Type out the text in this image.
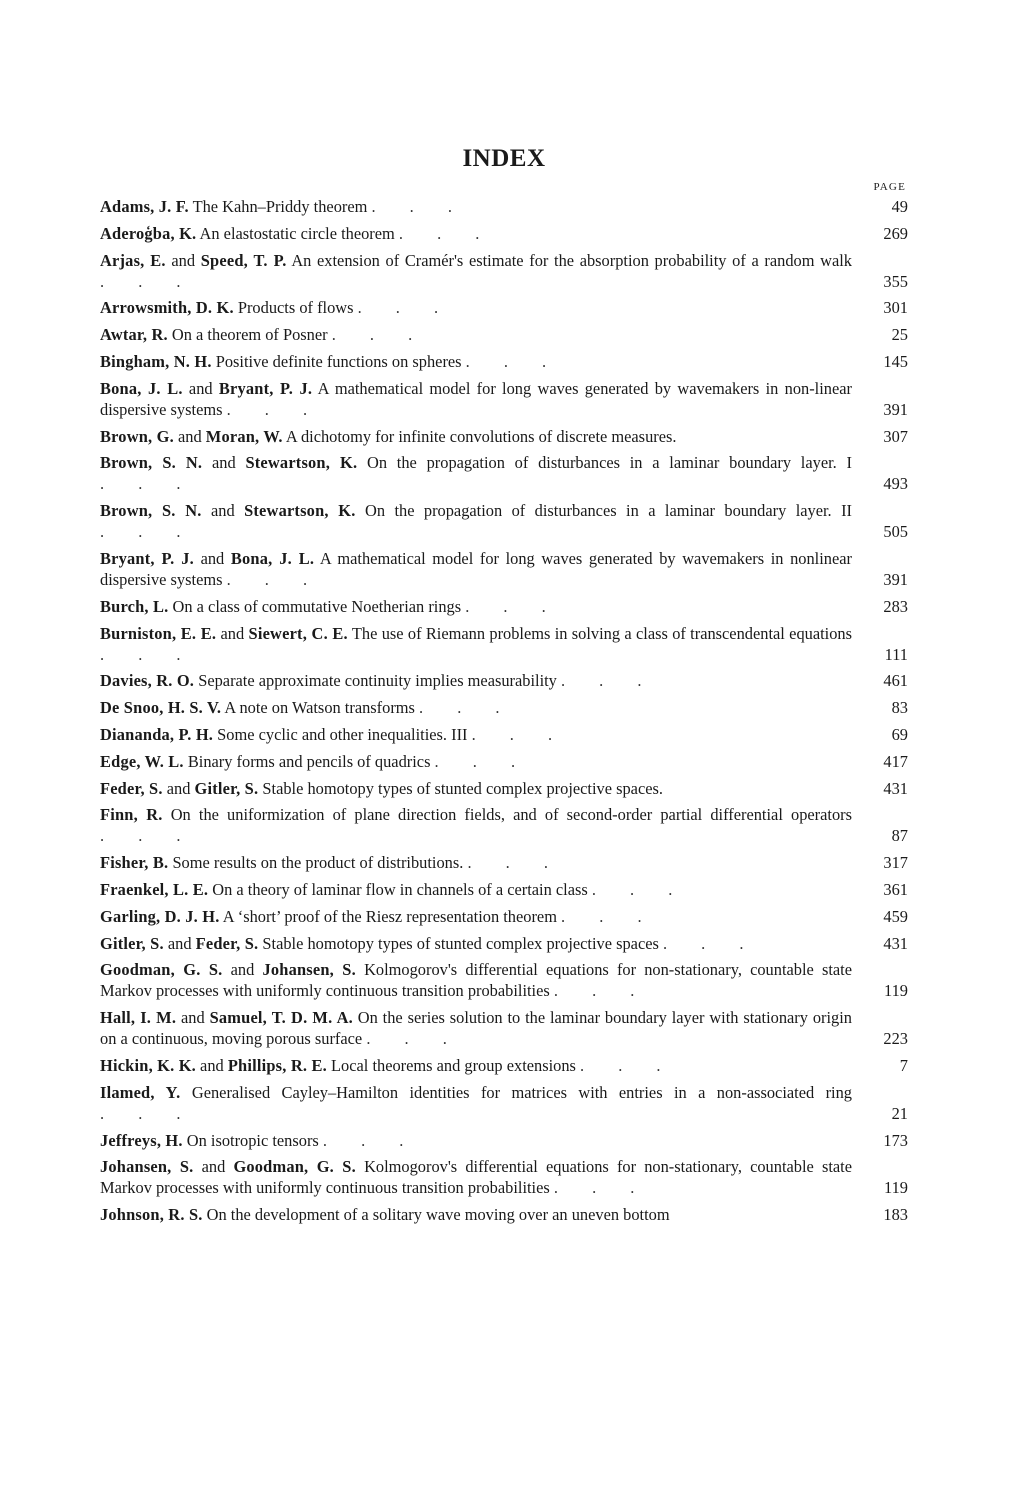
INDEX
PAGE
Adams, J. F. The Kahn–Priddy theorem . . .	49
Aderoģba, K. An elastostatic circle theorem . . .	269
Arjas, E. and Speed, T. P. An extension of Cramér's estimate for the absorption probability of a random walk . . .	355
Arrowsmith, D. K. Products of flows . . .	301
Awtar, R. On a theorem of Posner . . .	25
Bingham, N. H. Positive definite functions on spheres . . .	145
Bona, J. L. and Bryant, P. J. A mathematical model for long waves generated by wavemakers in non-linear dispersive systems . . .	391
Brown, G. and Moran, W. A dichotomy for infinite convolutions of discrete measures.	307
Brown, S. N. and Stewartson, K. On the propagation of disturbances in a laminar boundary layer. I . . .	493
Brown, S. N. and Stewartson, K. On the propagation of disturbances in a laminar boundary layer. II . . .	505
Bryant, P. J. and Bona, J. L. A mathematical model for long waves generated by wavemakers in nonlinear dispersive systems . . .	391
Burch, L. On a class of commutative Noetherian rings . . .	283
Burniston, E. E. and Siewert, C. E. The use of Riemann problems in solving a class of transcendental equations . . .	111
Davies, R. O. Separate approximate continuity implies measurability . . .	461
De Snoo, H. S. V. A note on Watson transforms . . .	83
Diananda, P. H. Some cyclic and other inequalities. III . . .	69
Edge, W. L. Binary forms and pencils of quadrics . . .	417
Feder, S. and Gitler, S. Stable homotopy types of stunted complex projective spaces.	431
Finn, R. On the uniformization of plane direction fields, and of second-order partial differential operators . . .	87
Fisher, B. Some results on the product of distributions. . . .	317
Fraenkel, L. E. On a theory of laminar flow in channels of a certain class . . .	361
Garling, D. J. H. A ‘short’ proof of the Riesz representation theorem . . .	459
Gitler, S. and Feder, S. Stable homotopy types of stunted complex projective spaces . . .	431
Goodman, G. S. and Johansen, S. Kolmogorov's differential equations for non-stationary, countable state Markov processes with uniformly continuous transition probabilities . . .	119
Hall, I. M. and Samuel, T. D. M. A. On the series solution to the laminar boundary layer with stationary origin on a continuous, moving porous surface . . .	223
Hickin, K. K. and Phillips, R. E. Local theorems and group extensions . . .	7
Ilamed, Y. Generalised Cayley–Hamilton identities for matrices with entries in a non-associated ring . . .	21
Jeffreys, H. On isotropic tensors . . .	173
Johansen, S. and Goodman, G. S. Kolmogorov's differential equations for non-stationary, countable state Markov processes with uniformly continuous transition probabilities . . .	119
Johnson, R. S. On the development of a solitary wave moving over an uneven bottom	183
